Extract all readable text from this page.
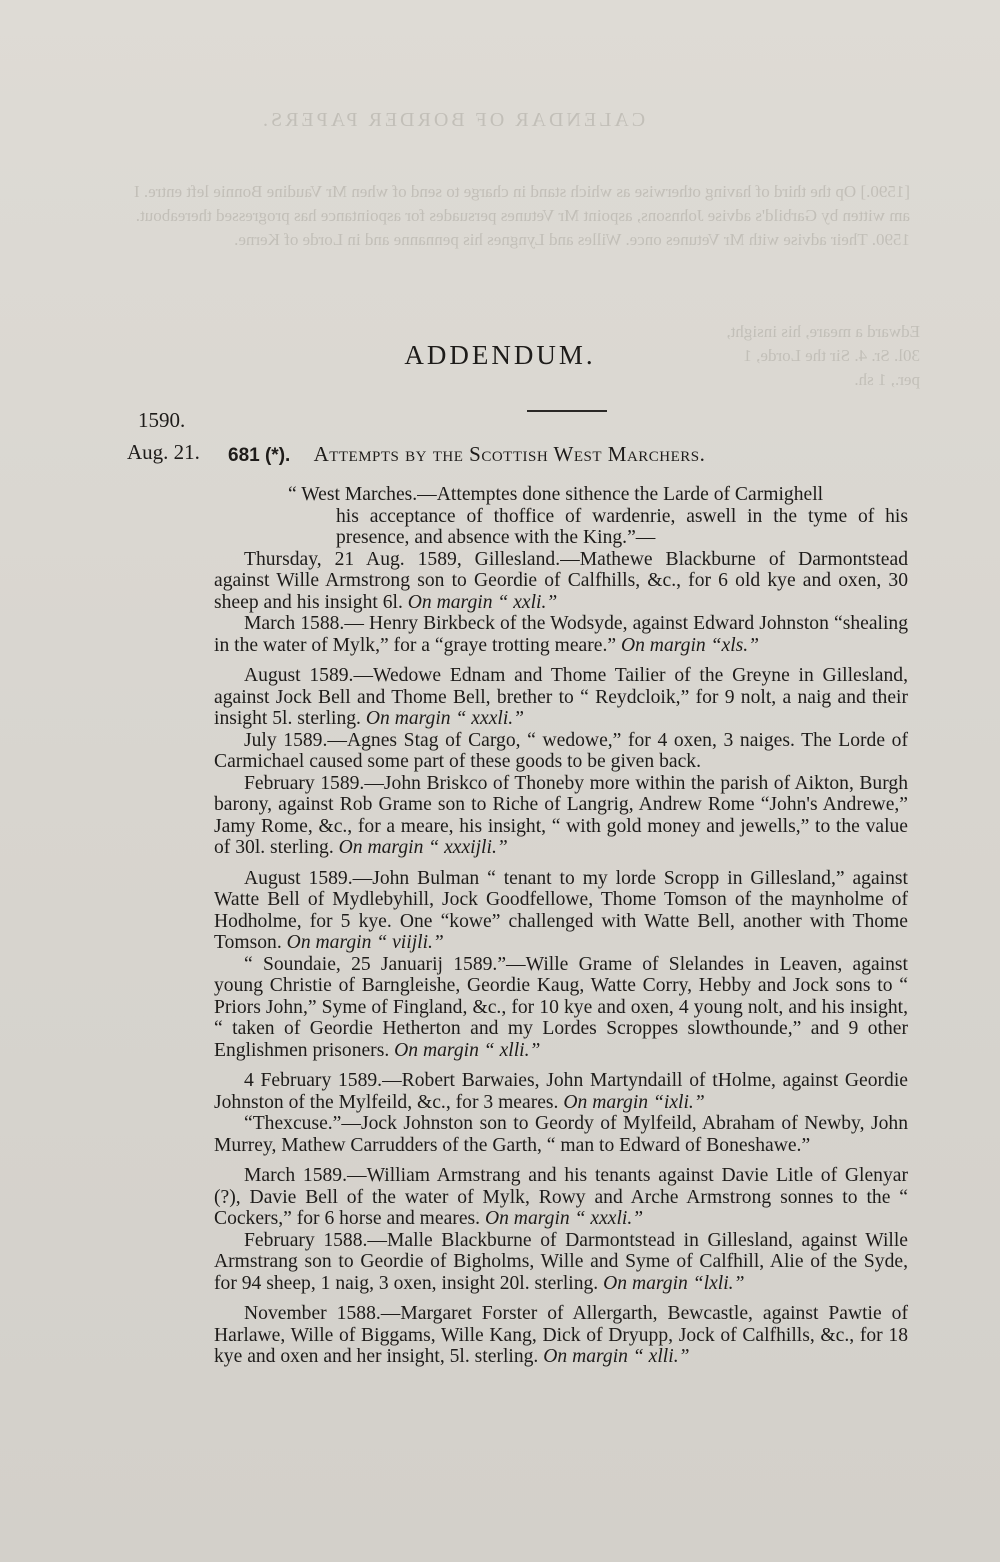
CALENDAR OF BORDER PAPERS.
[1590.] Op the third of having otherwise as which stand in charge to send of when Mr Vaudine Bonnie left entre. I am witten by Garbild's advise Johnsons, aspoint Mr Vetunes persuades for aspointance has progressed thereabout. 1590. Their advise with Mr Vetunes once. Willes and Lyngnes his pennanne and in Lorde of Kerne.
Edward a meare, his insight, 30l. Sr. 4. Sir the Lorde, 1 per., 1 sh.
ADDENDUM.
1590.
Aug. 21. 681 (*). Attempts by the Scottish West Marchers.

“ West Marches.—Attemptes done sithence the Larde of Carmighell
his acceptance of thoffice of wardenrie, aswell in the tyme of his presence, and absence with the King.”—

Thursday, 21 Aug. 1589, Gillesland.—Mathewe Blackburne of Darmontstead against Wille Armstrong son to Geordie of Calfhills, &c., for 6 old kye and oxen, 30 sheep and his insight 6l. On margin “ xxli.”

March 1588.— Henry Birkbeck of the Wodsyde, against Edward Johnston “shealing in the water of Mylk,” for a “graye trotting meare.” On margin “xls.”

August 1589.—Wedowe Ednam and Thome Tailier of the Greyne in Gillesland, against Jock Bell and Thome Bell, brether to “ Reydcloik,” for 9 nolt, a naig and their insight 5l. sterling. On margin “ xxxli.”

July 1589.—Agnes Stag of Cargo, “ wedowe,” for 4 oxen, 3 naiges. The Lorde of Carmichael caused some part of these goods to be given back.

February 1589.—John Briskco of Thoneby more within the parish of Aikton, Burgh barony, against Rob Grame son to Riche of Langrig, Andrew Rome “John's Andrewe,” Jamy Rome, &c., for a meare, his insight, “ with gold money and jewells,” to the value of 30l. sterling. On margin “ xxxijli.”

August 1589.—John Bulman “ tenant to my lorde Scropp in Gillesland,” against Watte Bell of Mydlebyhill, Jock Goodfellowe, Thome Tomson of the maynholme of Hodholme, for 5 kye. One “kowe” challenged with Watte Bell, another with Thome Tomson. On margin “ viijli.”

“ Soundaie, 25 Januarij 1589.”—Wille Grame of Slelandes in Leaven, against young Christie of Barngleishe, Geordie Kaug, Watte Corry, Hebby and Jock sons to “ Priors John,” Syme of Fingland, &c., for 10 kye and oxen, 4 young nolt, and his insight, “ taken of Geordie Hetherton and my Lordes Scroppes slowthounde,” and 9 other Englishmen prisoners. On margin “ xlli.”

4 February 1589.—Robert Barwaies, John Martyndaill of tHolme, against Geordie Johnston of the Mylfeild, &c., for 3 meares. On margin “ixli.”

“Thexcuse.”—Jock Johnston son to Geordy of Mylfeild, Abraham of Newby, John Murrey, Mathew Carrudders of the Garth, “ man to Edward of Boneshawe.”

March 1589.—William Armstrang and his tenants against Davie Litle of Glenyar (?), Davie Bell of the water of Mylk, Rowy and Arche Armstrong sonnes to the “ Cockers,” for 6 horse and meares. On margin “ xxxli.”

February 1588.—Malle Blackburne of Darmontstead in Gillesland, against Wille Armstrang son to Geordie of Bigholms, Wille and Syme of Calfhill, Alie of the Syde, for 94 sheep, 1 naig, 3 oxen, insight 20l. sterling. On margin “lxli.”

November 1588.—Margaret Forster of Allergarth, Bewcastle, against Pawtie of Harlawe, Wille of Biggams, Wille Kang, Dick of Dryupp, Jock of Calfhills, &c., for 18 kye and oxen and her insight, 5l. sterling. On margin “ xlli.”
